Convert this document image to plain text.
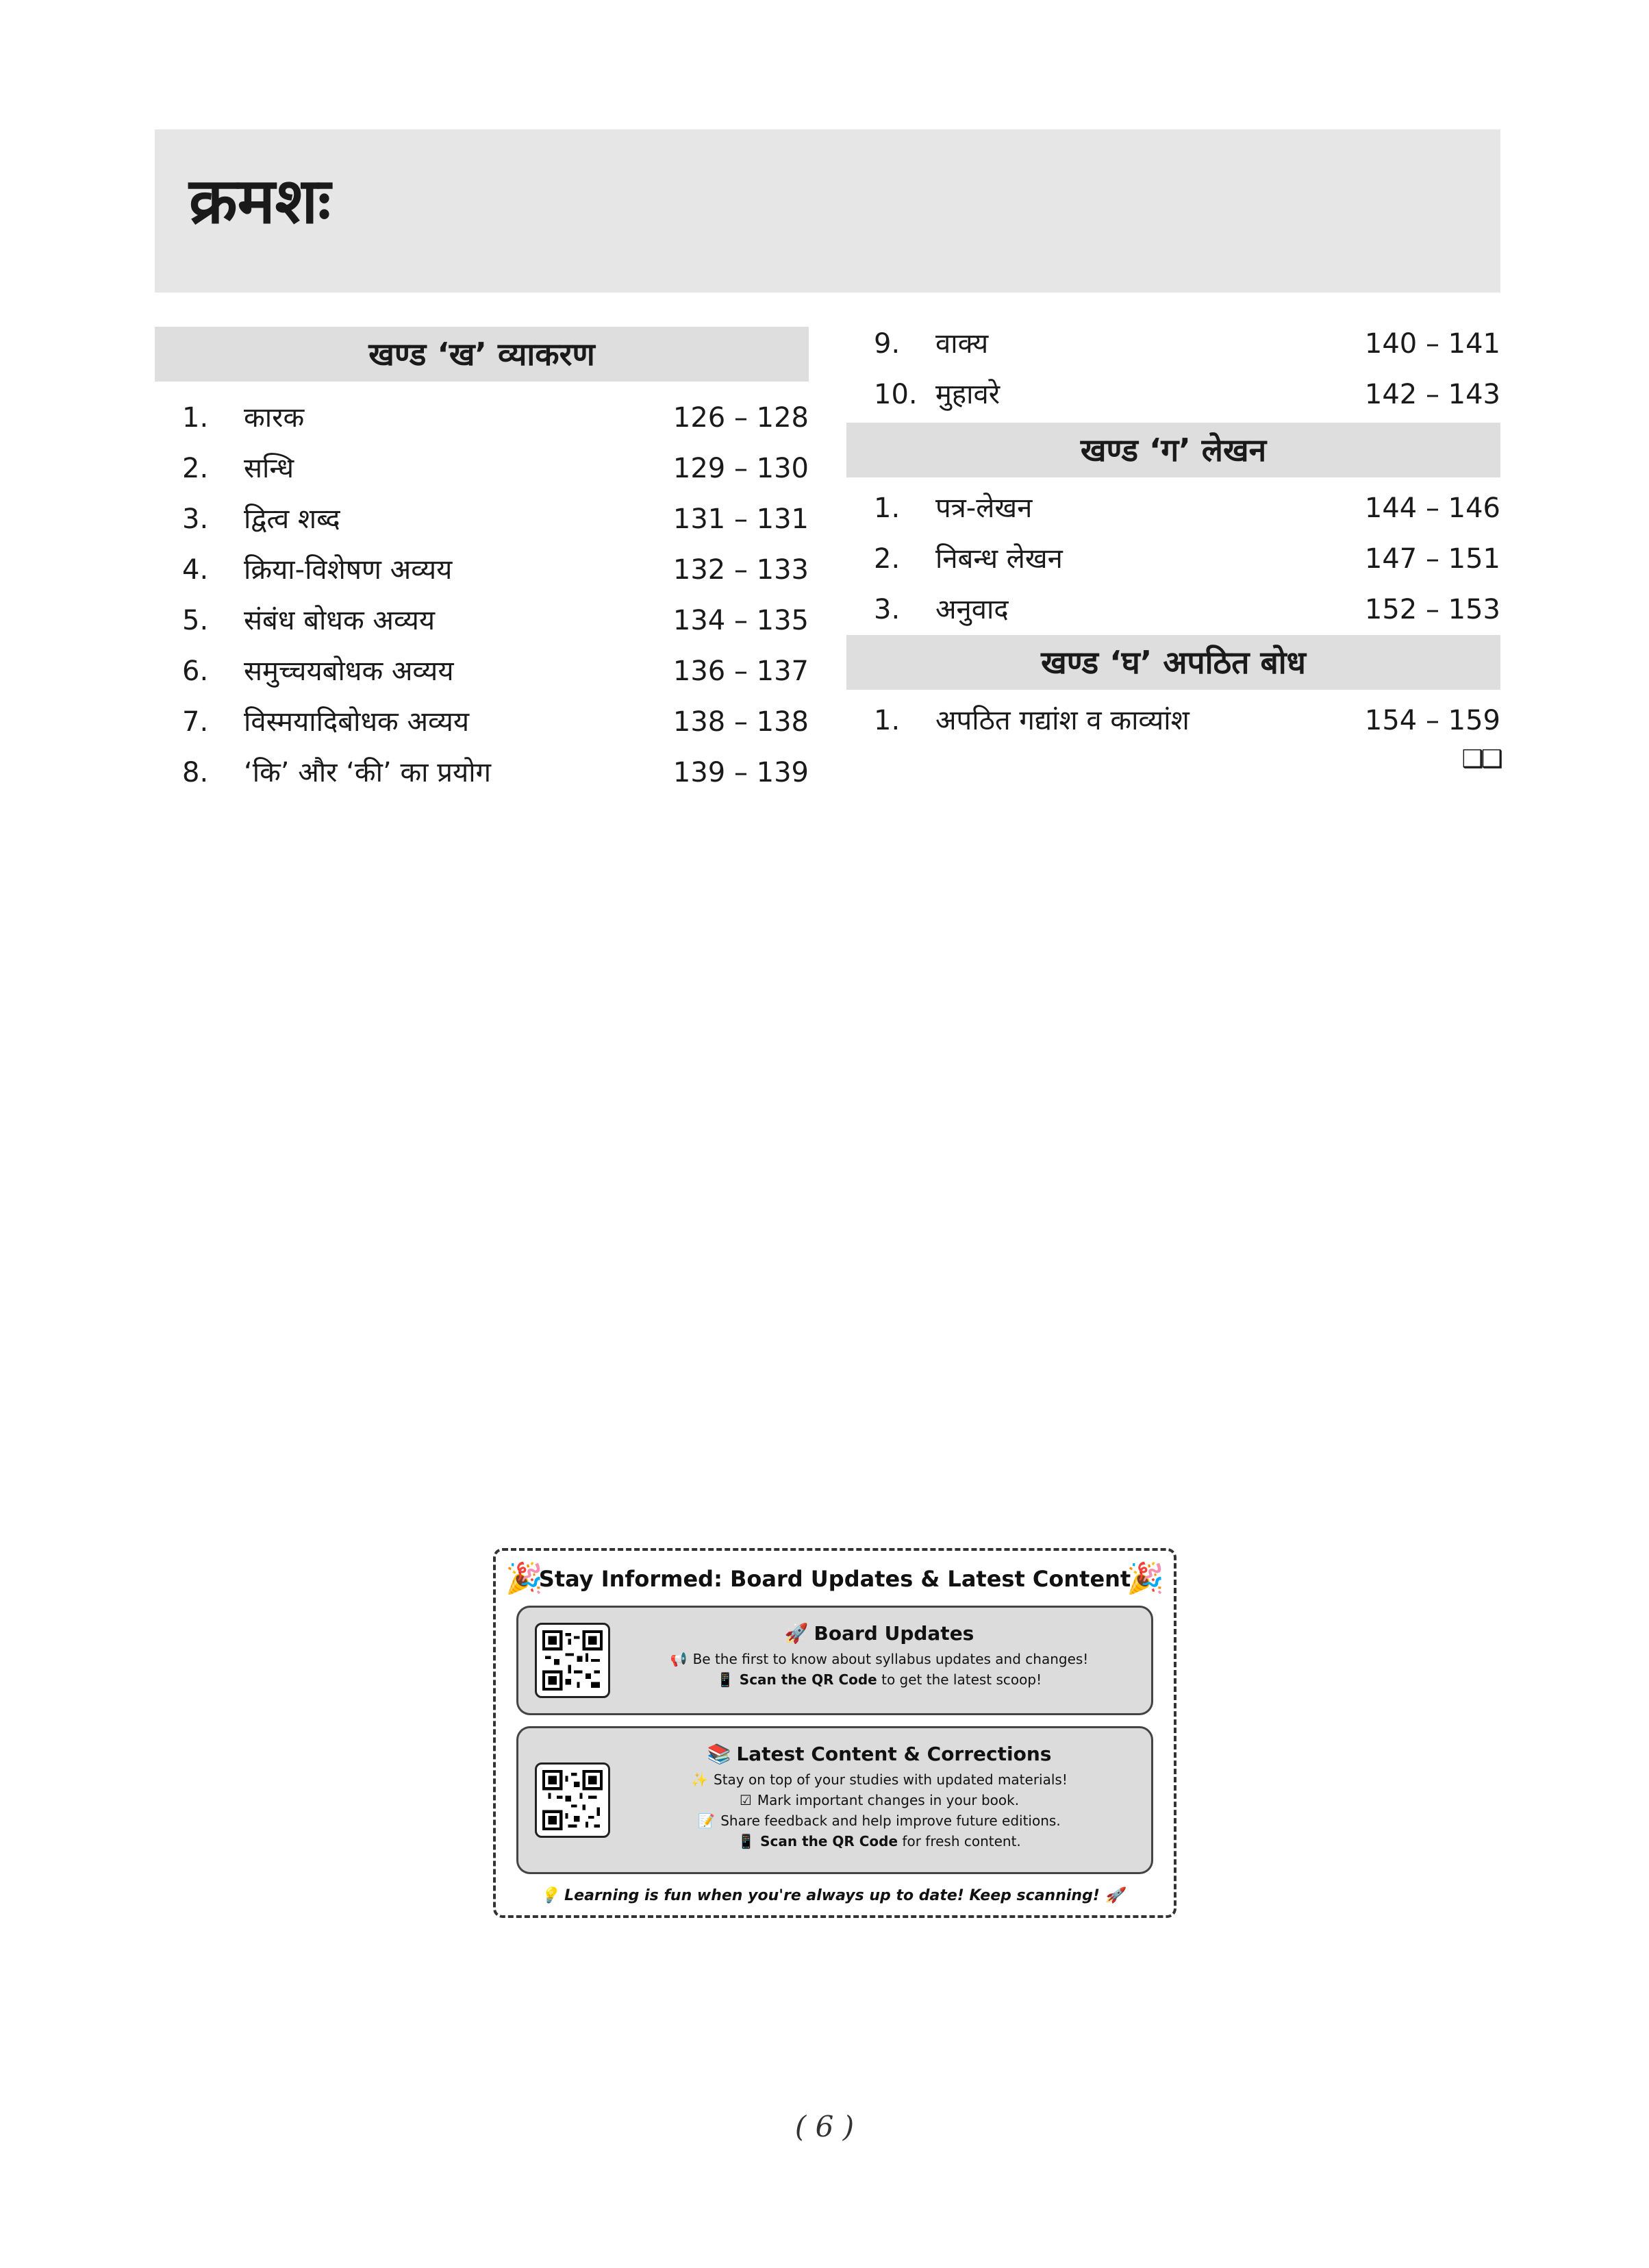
क्रमशः
खण्ड ‘ख’ व्याकरण
1. कारक	126 – 128
2. सन्धि	129 – 130
3. द्वित्व शब्द	131 – 131
4. क्रिया-विशेषण अव्यय	132 – 133
5. संबंध बोधक अव्यय	134 – 135
6. समुच्चयबोधक अव्यय	136 – 137
7. विस्मयादिबोधक अव्यय	138 – 138
8. ‘कि’ और ‘की’ का प्रयोग	139 – 139
9. वाक्य	140 – 141
10. मुहावरे	142 – 143
खण्ड ‘ग’ लेखन
1. पत्र-लेखन	144 – 146
2. निबन्ध लेखन	147 – 151
3. अनुवाद	152 – 153
खण्ड ‘घ’ अपठित बोध
1. अपठित गद्यांश व काव्यांश	154 – 159
❑❑
🎉
Stay Informed: Board Updates & Latest Content
🎉
🚀 Board Updates
📢 Be the first to know about syllabus updates and changes!
📱 Scan the QR Code to get the latest scoop!
📚 Latest Content & Corrections
✨ Stay on top of your studies with updated materials!
☑ Mark important changes in your book.
📝 Share feedback and help improve future editions.
📱 Scan the QR Code for fresh content.
💡 Learning is fun when you're always up to date! Keep scanning! 🚀
( 6 )
